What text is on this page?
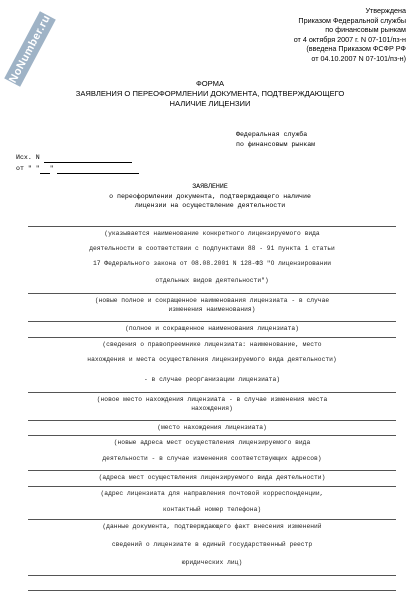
NoNumber.ru
Утверждена
Приказом Федеральной службы
по финансовым рынкам
от 4 октября 2007 г. N 07-101/пз-н
(введена Приказом ФСФР РФ
от 04.10.2007 N 07-101/пз-н)
ФОРМА
ЗАЯВЛЕНИЯ О ПЕРЕОФОРМЛЕНИИ ДОКУМЕНТА, ПОДТВЕРЖДАЮЩЕГО
НАЛИЧИЕ ЛИЦЕНЗИИ
Федеральная служба
по финансовым рынкам
Исх. N
от " " "
ЗАЯВЛЕНИЕ
о переоформлении документа, подтверждающего наличие
лицензии на осуществление деятельности
(указывается наименование конкретного лицензируемого вида
деятельности в соответствии с подпунктами 88 - 91 пункта 1 статьи
17 Федерального закона от 08.08.2001 N 128-ФЗ "О лицензировании
отдельных видов деятельности")
(новые полное и сокращенное наименования лицензиата - в случае
изменения наименования)
(полное и сокращенное наименования лицензиата)
(сведения о правопреемнике лицензиата: наименование, место
нахождения и места осуществления лицензируемого вида деятельности)
- в случае реорганизации лицензиата)
(новое место нахождения лицензиата - в случае изменения места
нахождения)
(место нахождения лицензиата)
(новые адреса мест осуществления лицензируемого вида
деятельности - в случае изменения соответствующих адресов)
(адреса мест осуществления лицензируемого вида деятельности)
(адрес лицензиата для направления почтовой корреспонденции,
контактный номер телефона)
(данные документа, подтверждающего факт внесения изменений
сведений о лицензиате в единый государственный реестр
юридических лиц)
